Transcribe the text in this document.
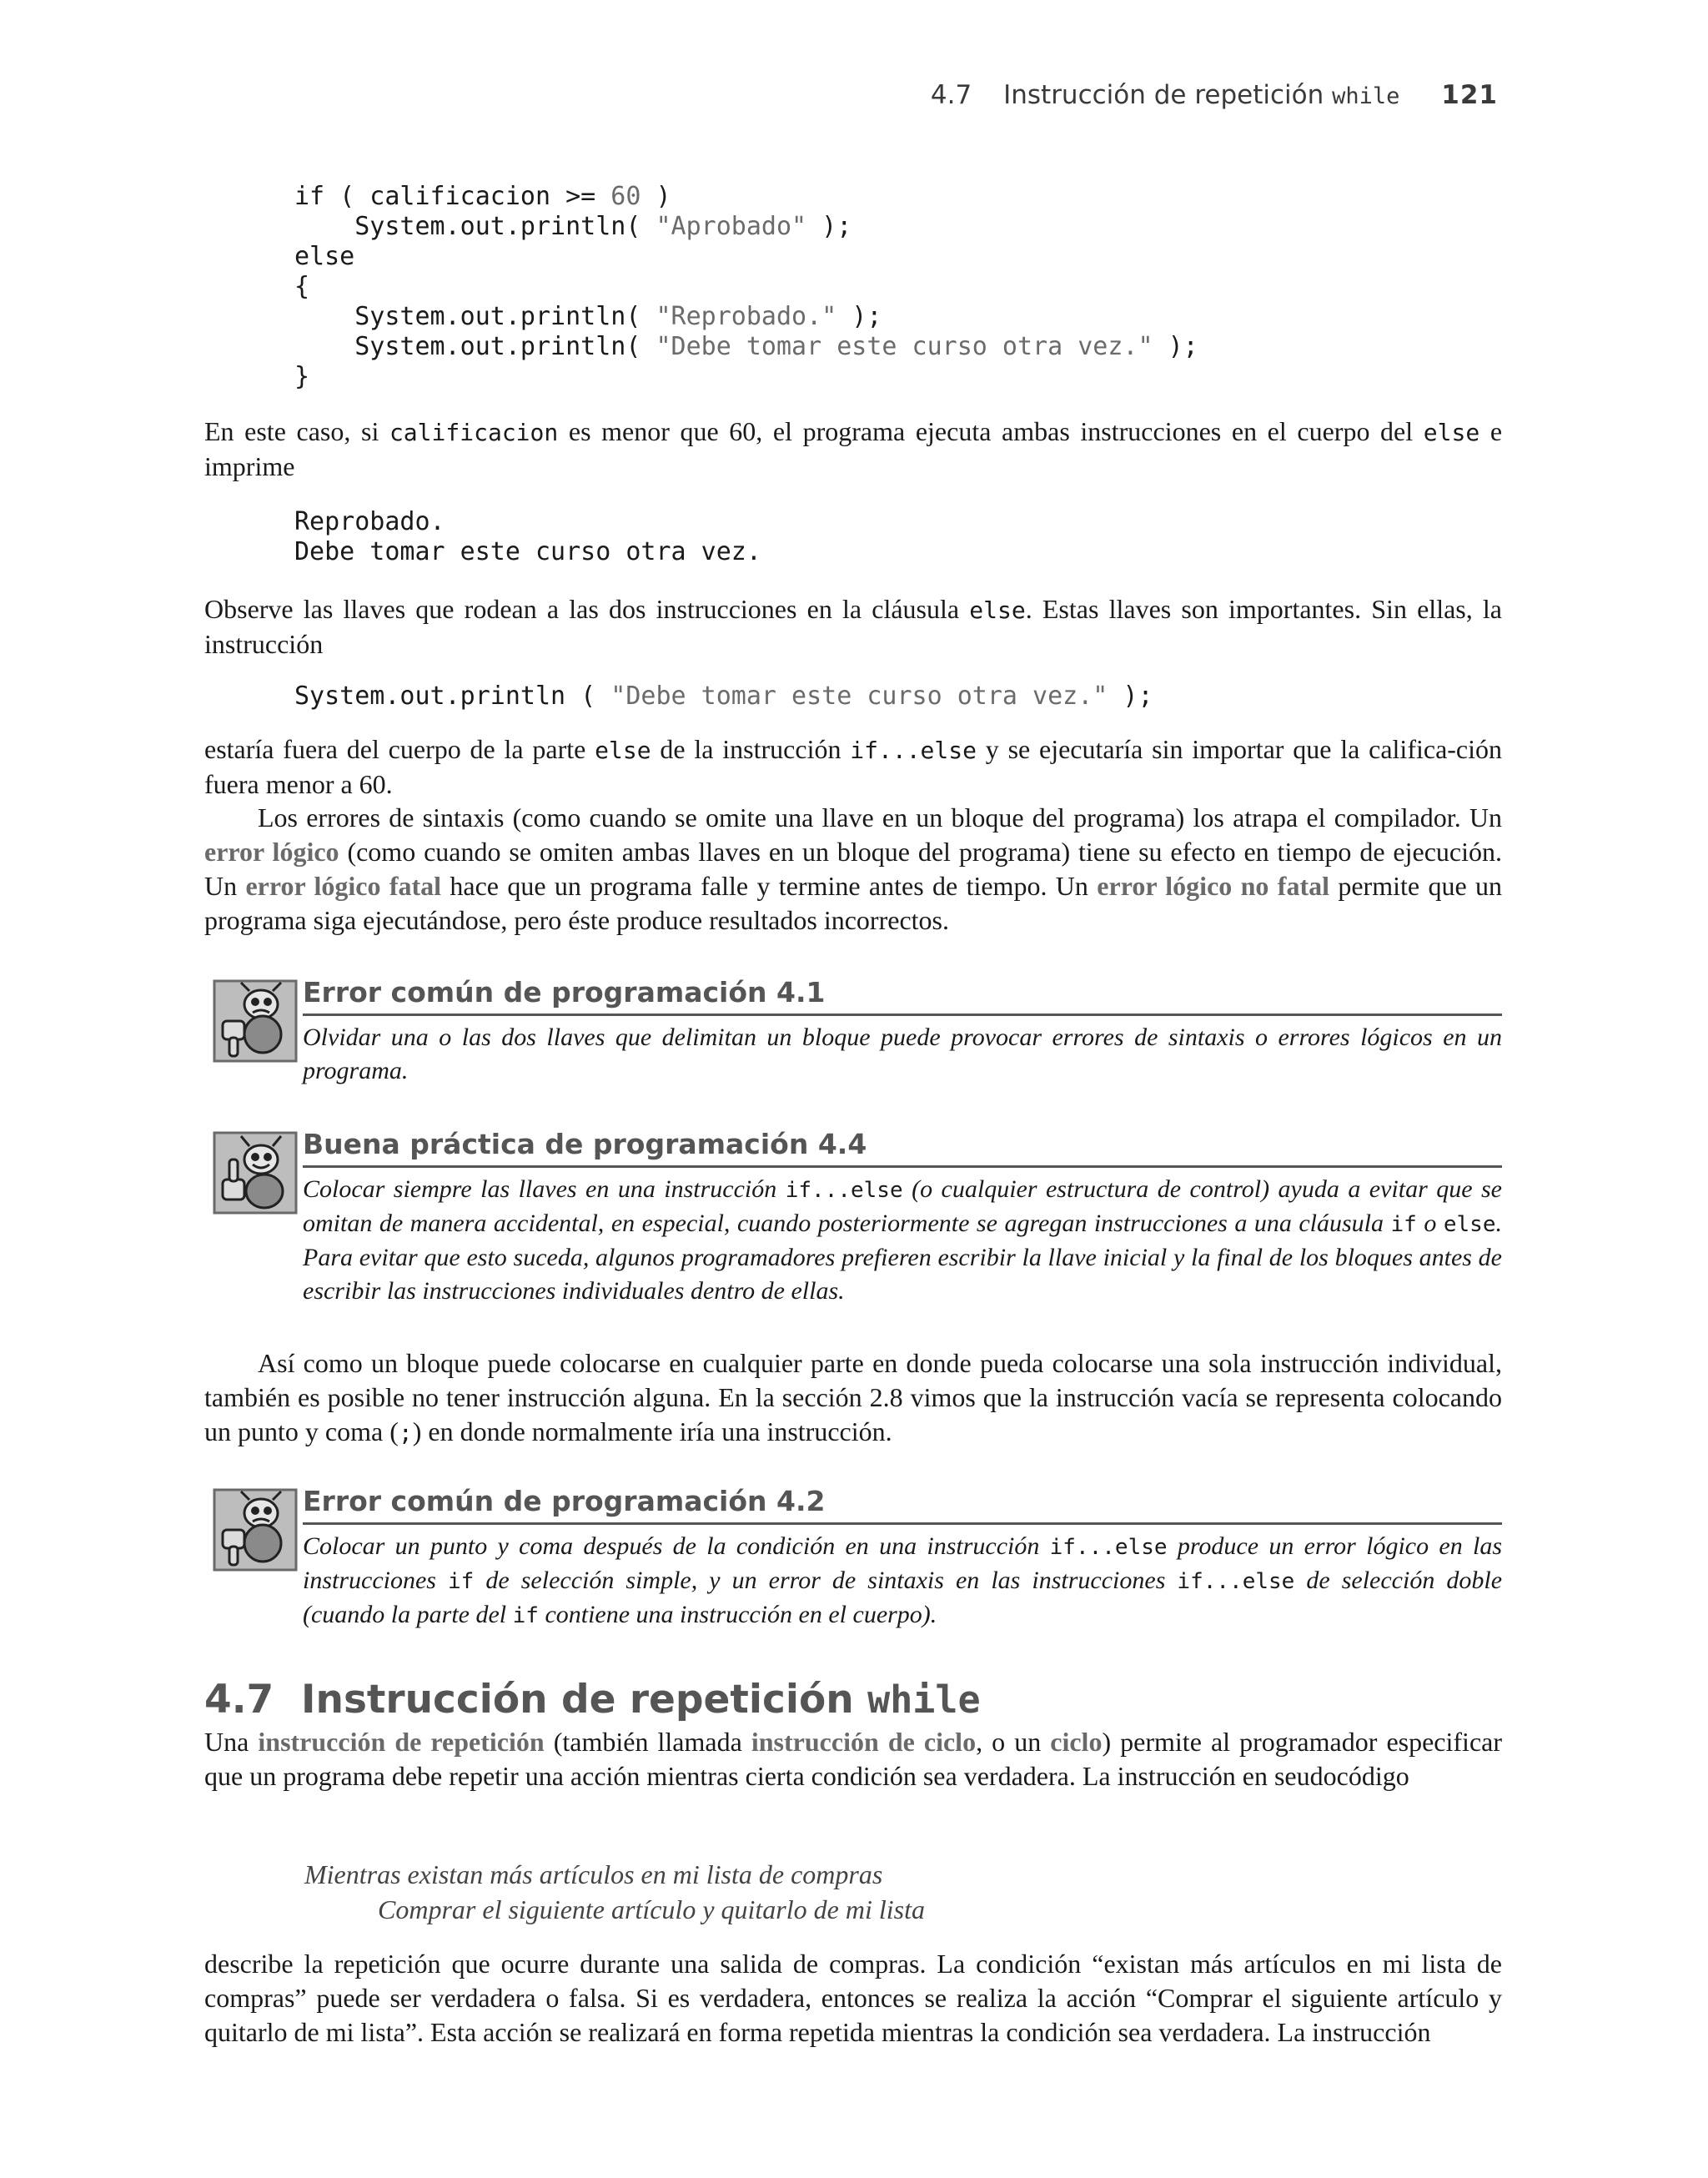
4.7 Instrucción de repetición while 121
if ( calificacion >= 60 )
System.out.println( "Aprobado" );
else
{
System.out.println( "Reprobado." );
System.out.println( "Debe tomar este curso otra vez." );
}
En este caso, si calificacion es menor que 60, el programa ejecuta ambas instrucciones en el cuerpo del else e imprime
Reprobado.
Debe tomar este curso otra vez.
Observe las llaves que rodean a las dos instrucciones en la cláusula else. Estas llaves son importantes. Sin ellas, la instrucción
System.out.println ( "Debe tomar este curso otra vez." );
estaría fuera del cuerpo de la parte else de la instrucción if...else y se ejecutaría sin importar que la califica-ción fuera menor a 60.
Los errores de sintaxis (como cuando se omite una llave en un bloque del programa) los atrapa el compilador. Un error lógico (como cuando se omiten ambas llaves en un bloque del programa) tiene su efecto en tiempo de ejecución. Un error lógico fatal hace que un programa falle y termine antes de tiempo. Un error lógico no fatal permite que un programa siga ejecutándose, pero éste produce resultados incorrectos.
Error común de programación 4.1
Olvidar una o las dos llaves que delimitan un bloque puede provocar errores de sintaxis o errores lógicos en un programa.
Buena práctica de programación 4.4
Colocar siempre las llaves en una instrucción if...else (o cualquier estructura de control) ayuda a evitar que se omitan de manera accidental, en especial, cuando posteriormente se agregan instrucciones a una cláusula if o else. Para evitar que esto suceda, algunos programadores prefieren escribir la llave inicial y la final de los bloques antes de escribir las instrucciones individuales dentro de ellas.
Así como un bloque puede colocarse en cualquier parte en donde pueda colocarse una sola instrucción individual, también es posible no tener instrucción alguna. En la sección 2.8 vimos que la instrucción vacía se representa colocando un punto y coma (;) en donde normalmente iría una instrucción.
Error común de programación 4.2
Colocar un punto y coma después de la condición en una instrucción if...else produce un error lógico en las instrucciones if de selección simple, y un error de sintaxis en las instrucciones if...else de selección doble (cuando la parte del if contiene una instrucción en el cuerpo).
4.7 Instrucción de repetición while
Una instrucción de repetición (también llamada instrucción de ciclo, o un ciclo) permite al programador especificar que un programa debe repetir una acción mientras cierta condición sea verdadera. La instrucción en seudocódigo
Mientras existan más artículos en mi lista de compras
Comprar el siguiente artículo y quitarlo de mi lista
describe la repetición que ocurre durante una salida de compras. La condición “existan más artículos en mi lista de compras” puede ser verdadera o falsa. Si es verdadera, entonces se realiza la acción “Comprar el siguiente artículo y quitarlo de mi lista”. Esta acción se realizará en forma repetida mientras la condición sea verdadera. La instrucción
